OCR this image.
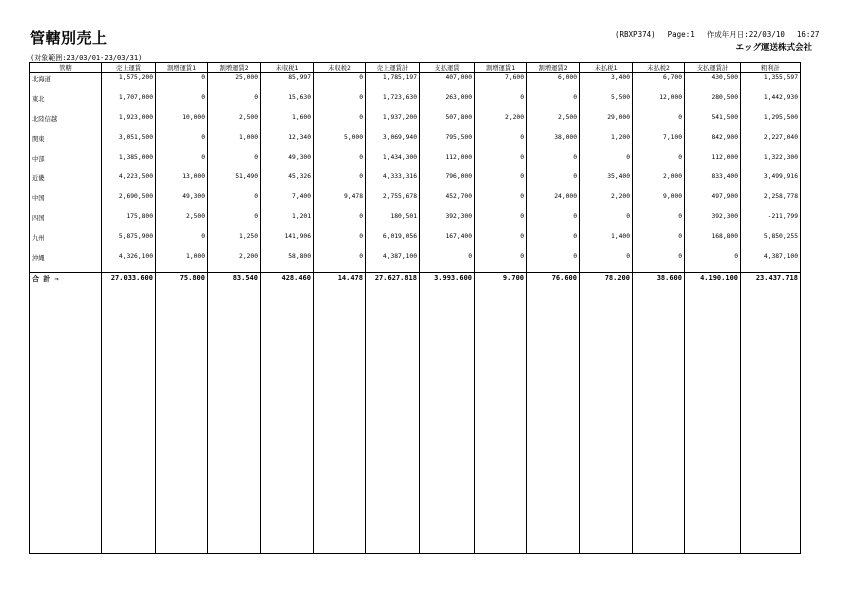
管轄別売上	(RBXP374) Page:1 作成年月日:22/03/10 16:27
エッグ運送株式会社
(対象範囲:23/03/01-23/03/31)
管轄	売上運賃	割増運賃1	割増運賃2	未収税1	未収税2	売上運賃計	支払運賃	割増運賃1	割増運賃2	未払税1	未払税2	支払運賃計	粗利計
北海道	1,575,200	0	25,000	85,997	0	1,785,197	407,000	7,600	6,000	3,400	6,700	430,500	1,355,597
東北	1,707,000	0	0	15,630	0	1,723,630	263,000	0	0	5,500	12,000	280,500	1,442,930
北陸信越	1,923,000	10,000	2,500	1,600	0	1,937,200	507,800	2,200	2,500	29,000	0	541,500	1,295,500
関東	3,051,500	0	1,000	12,340	5,000	3,069,940	795,500	0	38,000	1,200	7,100	842,900	2,227,040
中部	1,385,000	0	0	49,300	0	1,434,300	112,000	0	0	0	0	112,000	1,322,300
近畿	4,223,500	13,000	51,490	45,326	0	4,333,316	796,000	0	0	35,400	2,000	833,400	3,499,916
中国	2,690,500	49,300	0	7,400	9,478	2,755,678	452,700	0	24,000	2,200	9,000	497,900	2,258,778
四国	175,800	2,500	0	1,201	0	180,501	392,300	0	0	0	0	392,300	-211,799
九州	5,875,900	0	1,250	141,906	0	6,019,056	167,400	0	0	1,400	0	168,800	5,850,255
沖縄	4,326,100	1,000	2,200	58,800	0	4,387,100	0	0	0	0	0	0	4,387,100
合 計 ⇒	27.033.600	75.800	83.540	428.460	14.478	27.627.818	3.993.600	9.700	76.600	78.200	38.600	4.190.100	23.437.718
